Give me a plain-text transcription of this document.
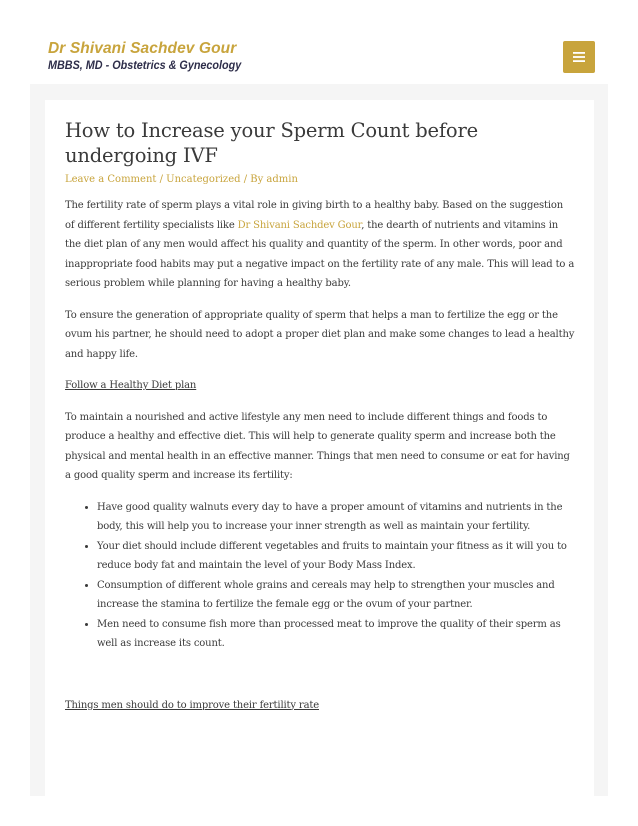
Dr Shivani Sachdev Gour
MBBS, MD - Obstetrics & Gynecology
How to Increase your Sperm Count before undergoing IVF
Leave a Comment / Uncategorized / By admin

The fertility rate of sperm plays a vital role in giving birth to a healthy baby. Based on the suggestion of different fertility specialists like Dr Shivani Sachdev Gour, the dearth of nutrients and vitamins in the diet plan of any men would affect his quality and quantity of the sperm. In other words, poor and inappropriate food habits may put a negative impact on the fertility rate of any male. This will lead to a serious problem while planning for having a healthy baby.

To ensure the generation of appropriate quality of sperm that helps a man to fertilize the egg or the ovum his partner, he should need to adopt a proper diet plan and make some changes to lead a healthy and happy life.

Follow a Healthy Diet plan

To maintain a nourished and active lifestyle any men need to include different things and foods to produce a healthy and effective diet. This will help to generate quality sperm and increase both the physical and mental health in an effective manner. Things that men need to consume or eat for having a good quality sperm and increase its fertility:

• Have good quality walnuts every day to have a proper amount of vitamins and nutrients in the body, this will help you to increase your inner strength as well as maintain your fertility.
• Your diet should include different vegetables and fruits to maintain your fitness as it will you to reduce body fat and maintain the level of your Body Mass Index.
• Consumption of different whole grains and cereals may help to strengthen your muscles and increase the stamina to fertilize the female egg or the ovum of your partner.
• Men need to consume fish more than processed meat to improve the quality of their sperm as well as increase its count.

Things men should do to improve their fertility rate
